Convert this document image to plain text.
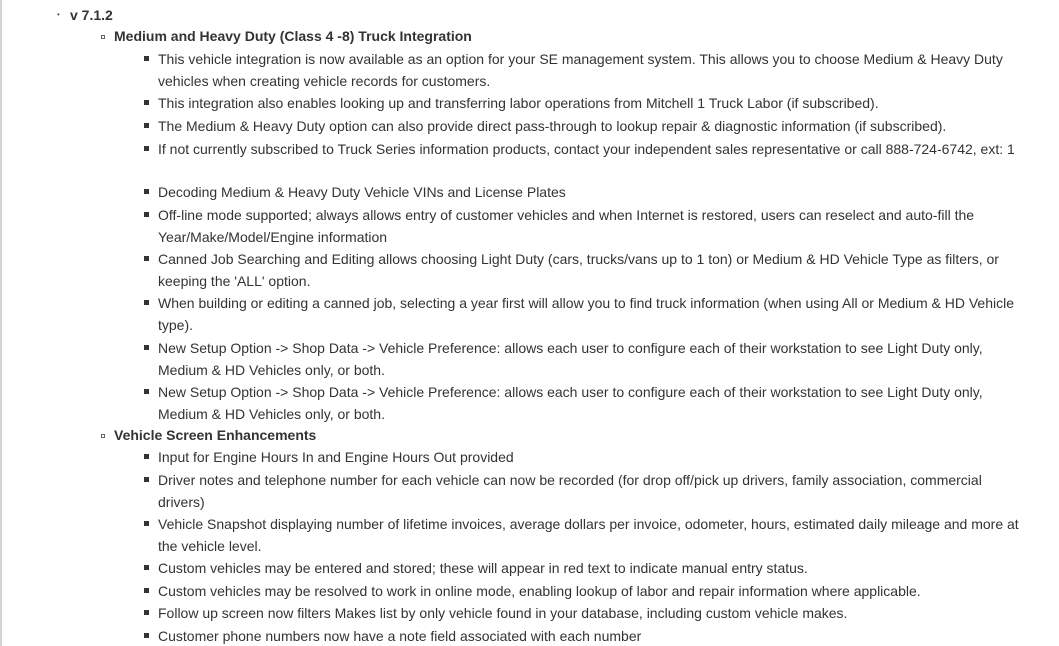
• v 7.1.2
Medium and Heavy Duty (Class 4 -8) Truck Integration
This vehicle integration is now available as an option for your SE management system. This allows you to choose Medium & Heavy Duty vehicles when creating vehicle records for customers.
This integration also enables looking up and transferring labor operations from Mitchell 1 Truck Labor (if subscribed).
The Medium & Heavy Duty option can also provide direct pass-through to lookup repair & diagnostic information (if subscribed).
If not currently subscribed to Truck Series information products, contact your independent sales representative or call 888-724-6742, ext: 1
Decoding Medium & Heavy Duty Vehicle VINs and License Plates
Off-line mode supported; always allows entry of customer vehicles and when Internet is restored, users can reselect and auto-fill the Year/Make/Model/Engine information
Canned Job Searching and Editing allows choosing Light Duty (cars, trucks/vans up to 1 ton) or Medium & HD Vehicle Type as filters, or keeping the 'ALL' option.
When building or editing a canned job, selecting a year first will allow you to find truck information (when using All or Medium & HD Vehicle type).
New Setup Option -> Shop Data -> Vehicle Preference: allows each user to configure each of their workstation to see Light Duty only, Medium & HD Vehicles only, or both.
New Setup Option -> Shop Data -> Vehicle Preference: allows each user to configure each of their workstation to see Light Duty only, Medium & HD Vehicles only, or both.
Vehicle Screen Enhancements
Input for Engine Hours In and Engine Hours Out provided
Driver notes and telephone number for each vehicle can now be recorded (for drop off/pick up drivers, family association, commercial drivers)
Vehicle Snapshot displaying number of lifetime invoices, average dollars per invoice, odometer, hours, estimated daily mileage and more at the vehicle level.
Custom vehicles may be entered and stored; these will appear in red text to indicate manual entry status.
Custom vehicles may be resolved to work in online mode, enabling lookup of labor and repair information where applicable.
Follow up screen now filters Makes list by only vehicle found in your database, including custom vehicle makes.
Customer phone numbers now have a note field associated with each number
